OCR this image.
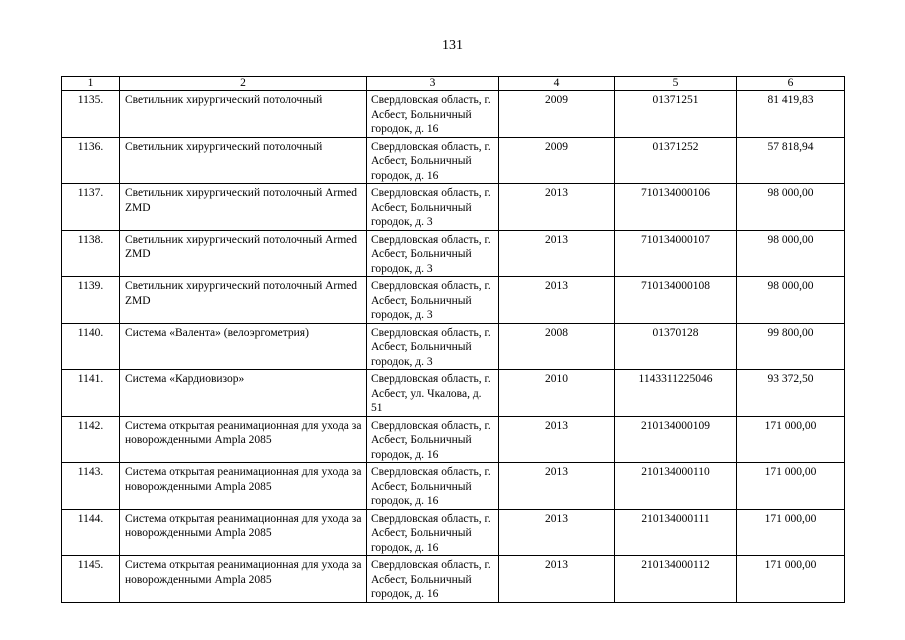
131
1	2	3	4	5	6
1135.	Светильник хирургический потолочный	Свердловская область, г. Асбест, Больничный городок, д. 16	2009	01371251	81 419,83
1136.	Светильник хирургический потолочный	Свердловская область, г. Асбест, Больничный городок, д. 16	2009	01371252	57 818,94
1137.	Светильник хирургический потолочный Armed ZMD	Свердловская область, г. Асбест, Больничный городок, д. 3	2013	710134000106	98 000,00
1138.	Светильник хирургический потолочный Armed ZMD	Свердловская область, г. Асбест, Больничный городок, д. 3	2013	710134000107	98 000,00
1139.	Светильник хирургический потолочный Armed ZMD	Свердловская область, г. Асбест, Больничный городок, д. 3	2013	710134000108	98 000,00
1140.	Система «Валента» (велоэргометрия)	Свердловская область, г. Асбест, Больничный городок, д. 3	2008	01370128	99 800,00
1141.	Система «Кардиовизор»	Свердловская область, г. Асбест, ул. Чкалова, д. 51	2010	1143311225046	93 372,50
1142.	Система открытая реанимационная для ухода за новорожденными Ampla 2085	Свердловская область, г. Асбест, Больничный городок, д. 16	2013	210134000109	171 000,00
1143.	Система открытая реанимационная для ухода за новорожденными Ampla 2085	Свердловская область, г. Асбест, Больничный городок, д. 16	2013	210134000110	171 000,00
1144.	Система открытая реанимационная для ухода за новорожденными Ampla 2085	Свердловская область, г. Асбест, Больничный городок, д. 16	2013	210134000111	171 000,00
1145.	Система открытая реанимационная для ухода за новорожденными Ampla 2085	Свердловская область, г. Асбест, Больничный городок, д. 16	2013	210134000112	171 000,00
